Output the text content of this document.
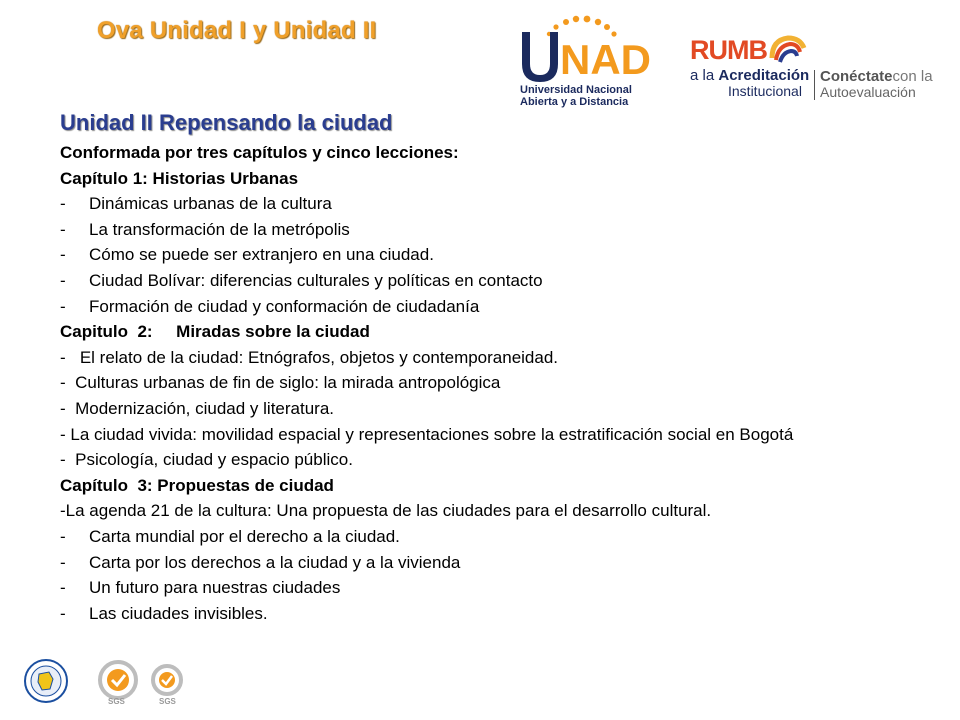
Ova Unidad I y Unidad II
NAD
Universidad Nacional
Abierta y a Distancia
RUMB
a la Acreditación
Institucional
Conéctatecon la
Autoevaluación
Unidad II Repensando la ciudad
Conformada por tres capítulos y cinco lecciones:
Capítulo 1: Historias Urbanas
- Dinámicas urbanas de la cultura
- La transformación de la metrópolis
- Cómo se puede ser extranjero en una ciudad.
- Ciudad Bolívar: diferencias culturales y políticas en contacto
- Formación de ciudad y conformación de ciudadanía
Capitulo  2:     Miradas sobre la ciudad
-   El relato de la ciudad: Etnógrafos, objetos y contemporaneidad.
-  Culturas urbanas de fin de siglo: la mirada antropológica
-  Modernización, ciudad y literatura.
- La ciudad vivida: movilidad espacial y representaciones sobre la estratificación social en Bogotá
-  Psicología, ciudad y espacio público.
Capítulo  3: Propuestas de ciudad
-La agenda 21 de la cultura: Una propuesta de las ciudades para el desarrollo cultural.
- Carta mundial por el derecho a la ciudad.
- Carta por los derechos a la ciudad y a la vivienda
- Un futuro para nuestras ciudades
- Las ciudades invisibles.
SGS	SGS
